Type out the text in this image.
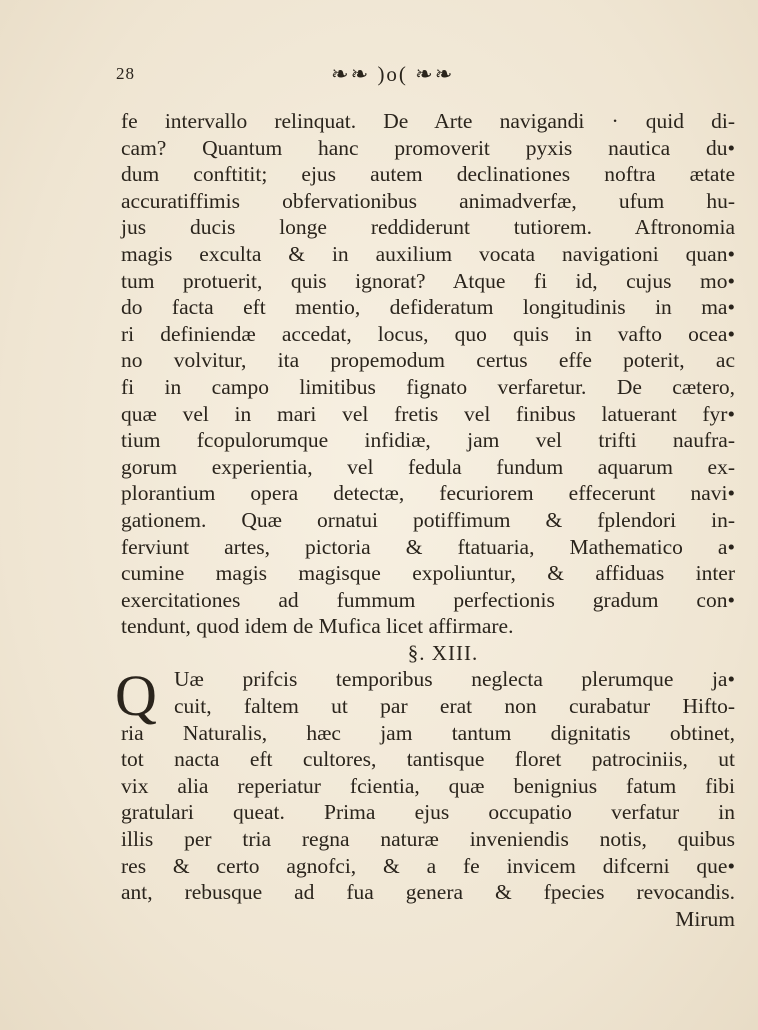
28	❧❧ )o( ❧❧
fe intervallo relinquat. De Arte navigandi · quid di-
cam? Quantum hanc promoverit pyxis nautica du•
dum conftitit; ejus autem declinationes noftra ætate
accuratiffimis obfervationibus animadverfæ, ufum hu-
jus ducis longe reddiderunt tutiorem. Aftronomia
magis exculta & in auxilium vocata navigationi quan•
tum protuerit, quis ignorat? Atque fi id, cujus mo•
do facta eft mentio, defideratum longitudinis in ma•
ri definiendæ accedat, locus, quo quis in vafto ocea•
no volvitur, ita propemodum certus effe poterit, ac
fi in campo limitibus fignato verfaretur. De cætero,
quæ vel in mari vel fretis vel finibus latuerant fyr•
tium fcopulorumque infidiæ, jam vel trifti naufra-
gorum experientia, vel fedula fundum aquarum ex-
plorantium opera detectæ, fecuriorem effecerunt navi•
gationem. Quæ ornatui potiffimum & fplendori in-
ferviunt artes, pictoria & ftatuaria, Mathematico a•
cumine magis magisque expoliuntur, & affiduas inter
exercitationes ad fummum perfectionis gradum con•
tendunt, quod idem de Mufica licet affirmare.
§. XIII.
Q Uæ prifcis temporibus neglecta plerumque ja•
cuit, faltem ut par erat non curabatur Hifto-
ria Naturalis, hæc jam tantum dignitatis obtinet,
tot nacta eft cultores, tantisque floret patrociniis, ut
vix alia reperiatur fcientia, quæ benignius fatum fibi
gratulari queat. Prima ejus occupatio verfatur in
illis per tria regna naturæ inveniendis notis, quibus
res & certo agnofci, & a fe invicem difcerni que•
ant, rebusque ad fua genera & fpecies revocandis.
Mirum
